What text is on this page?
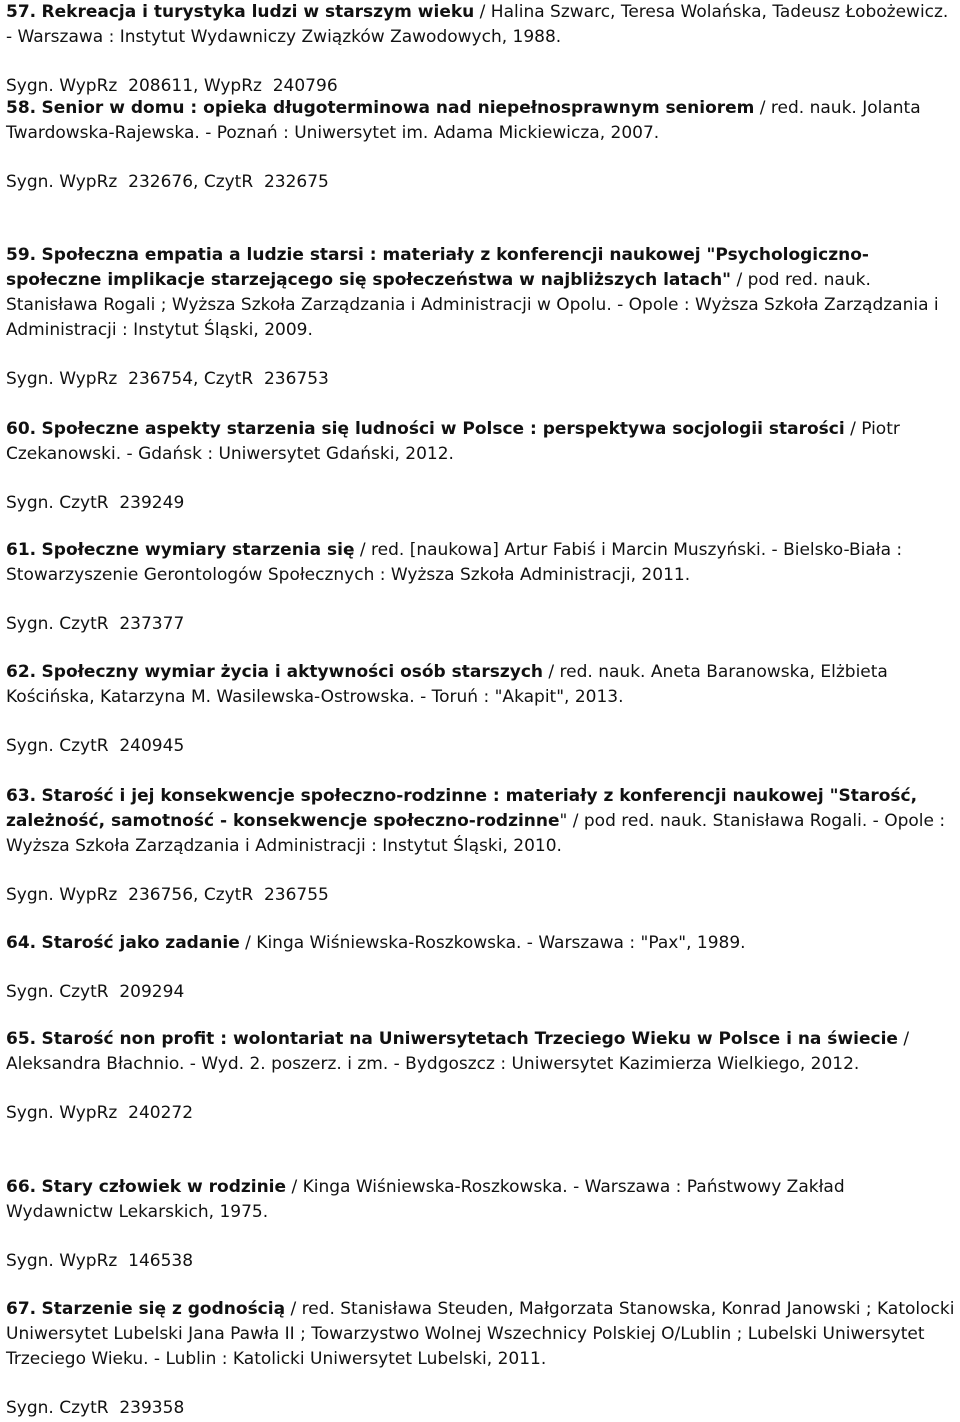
57. Rekreacja i turystyka ludzi w starszym wieku / Halina Szwarc, Teresa Wolańska, Tadeusz Łobożewicz. - Warszawa : Instytut Wydawniczy Związków Zawodowych, 1988.

Sygn. WypRz  208611, WypRz  240796

58. Senior w domu : opieka długoterminowa nad niepełnosprawnym seniorem / red. nauk. Jolanta Twardowska-Rajewska. - Poznań : Uniwersytet im. Adama Mickiewicza, 2007.

Sygn. WypRz  232676, CzytR  232675

59. Społeczna empatia a ludzie starsi : materiały z konferencji naukowej "Psychologiczno-społeczne implikacje starzejącego się społeczeństwa w najbliższych latach" / pod red. nauk. Stanisława Rogali ; Wyższa Szkoła Zarządzania i Administracji w Opolu. - Opole : Wyższa Szkoła Zarządzania i Administracji : Instytut Śląski, 2009.

Sygn. WypRz  236754, CzytR  236753

60. Społeczne aspekty starzenia się ludności w Polsce : perspektywa socjologii starości / Piotr Czekanowski. - Gdańsk : Uniwersytet Gdański, 2012.

Sygn. CzytR  239249

61. Społeczne wymiary starzenia się / red. [naukowa] Artur Fabiś i Marcin Muszyński. - Bielsko-Biała : Stowarzyszenie Gerontologów Społecznych : Wyższa Szkoła Administracji, 2011.

Sygn. CzytR  237377

62. Społeczny wymiar życia i aktywności osób starszych / red. nauk. Aneta Baranowska, Elżbieta Kościńska, Katarzyna M. Wasilewska-Ostrowska. - Toruń : "Akapit", 2013.

Sygn. CzytR  240945

63. Starość i jej konsekwencje społeczno-rodzinne : materiały z konferencji naukowej "Starość, zależność, samotność - konsekwencje społeczno-rodzinne" / pod red. nauk. Stanisława Rogali. - Opole : Wyższa Szkoła Zarządzania i Administracji : Instytut Śląski, 2010.

Sygn. WypRz  236756, CzytR  236755

64. Starość jako zadanie / Kinga Wiśniewska-Roszkowska. - Warszawa : "Pax", 1989.

Sygn. CzytR  209294

65. Starość non profit : wolontariat na Uniwersytetach Trzeciego Wieku w Polsce i na świecie / Aleksandra Błachnio. - Wyd. 2. poszerz. i zm. - Bydgoszcz : Uniwersytet Kazimierza Wielkiego, 2012.

Sygn. WypRz  240272

66. Stary człowiek w rodzinie / Kinga Wiśniewska-Roszkowska. - Warszawa : Państwowy Zakład Wydawnictw Lekarskich, 1975.

Sygn. WypRz  146538

67. Starzenie się z godnością / red. Stanisława Steuden, Małgorzata Stanowska, Konrad Janowski ; Katolocki Uniwersytet Lubelski Jana Pawła II ; Towarzystwo Wolnej Wszechnicy Polskiej O/Lublin ; Lubelski Uniwersytet Trzeciego Wieku. - Lublin : Katolicki Uniwersytet Lubelski, 2011.

Sygn. CzytR  239358
